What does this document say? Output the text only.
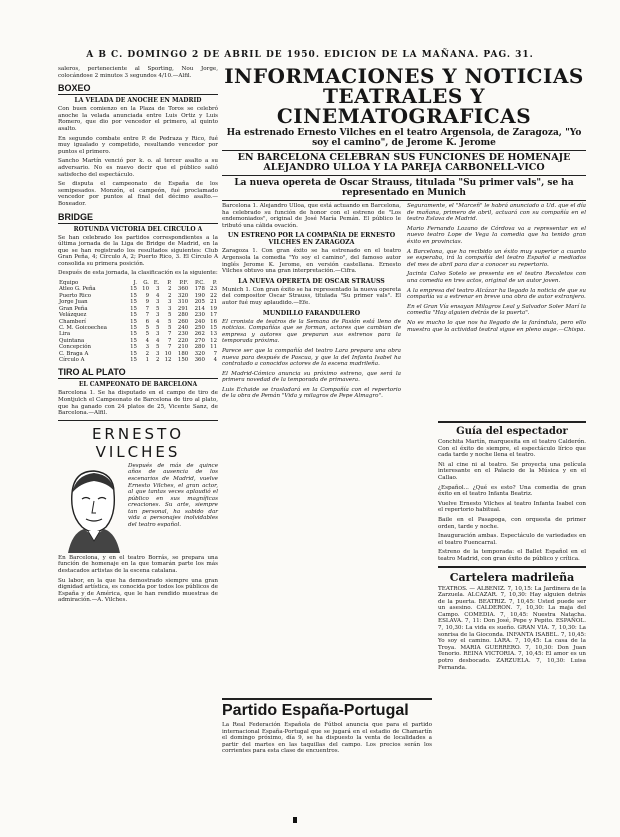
A B C. DOMINGO 2 DE ABRIL DE 1950. EDICION DE LA MAÑANA. PAG. 31.

saleros, perteneciente al Sporting, Nou Jorge, colocándose 2 minutos 3 segundos 4/10.—Alfil.

BOXEO
LA VELADA DE ANOCHE EN MADRID

Con buen comienzo en la Plaza de Toros se celebró anoche la velada anunciada entre Luis Ortiz y Luis Romero, que dio por vencedor el primero, al quinto asalto.

En segundo combate entre P. de Pedraza y Rico, fué muy igualado y competido, resultando vencedor por puntos el primero.

Sancho Martín venció por k. o. al tercer asalto a su adversario. No es nuevo decir que el público salió satisfecho del espectáculo.

Se disputa el campeonato de España de los semipesados. Monzón, el campeón, fué proclamado vencedor por puntos al final del décimo asalto.—Boxeador.

BRIDGE
ROTUNDA VICTORIA DEL CIRCULO A

Se han celebrado los partidos correspondientes a la última jornada de la Liga de Bridge de Madrid, en la que se han registrado los resultados siguientes: Club Gran Peña, 4; Círculo A, 2; Puerto Rico, 3. El Círculo A consolida su primera posición.

Después de esta jornada, la clasificación es la siguiente:

Equipo	J.	G.	E.	P.	P.F.	P.C.	P.
Atleo G. Peña	15	10	3	2	360	178	23
Puerto Rico	15	9	4	2	320	190	22
Jorge Juan	15	9	3	3	310	205	21
Gran Peña	15	7	5	3	291	214	19
Velázquez	15	7	3	5	280	230	17
Chamberí	15	6	4	5	260	240	16
C. M. Goicoechea	15	5	5	5	240	250	15
Lira	15	5	3	7	230	262	13
Quintana	15	4	4	7	220	270	12
Concepción	15	3	5	7	210	280	11
C. Braga A	15	2	3	10	180	320	7
Círculo A	15	1	2	12	150	360	4
TIRO AL PLATO
EL CAMPEONATO DE BARCELONA

Barcelona 1. Se ha disputado en el campo de tiro de Montjuïch el Campeonato de Barcelona de tiro al plato, que ha ganado con 24 platos de 25, Vicente Sanz, de Barcelona.—Alfil.

ERNESTO VILCHES

Después de más de quince años de ausencia de los escenarios de Madrid, vuelve Ernesto Vilches, el gran actor, al que tantas veces aplaudió el público en sus magníficas creaciones. Su arte, siempre tan personal, ha sabido dar vida a personajes inolvidables del teatro español.

En Barcelona, y en el teatro Borrás, se prepara una función de homenaje en la que tomarán parte los más destacados artistas de la escena catalana.

Su labor, en la que ha demostrado siempre una gran dignidad artística, es conocida por todos los públicos de España y de América, que le han rendido muestras de admiración.—A. Vilches.

INFORMACIONES Y NOTICIAS
TEATRALES Y CINEMATOGRAFICAS
Ha estrenado Ernesto Vilches en el teatro Argensola, de Zaragoza, "Yo soy el camino", de Jerome K. Jerome
EN BARCELONA CELEBRAN SUS FUNCIONES DE HOMENAJE ALEJANDRO ULLOA Y LA PAREJA CARBONELL-VICO
La nueva opereta de Oscar Strauss, titulada "Su primer vals", se ha representado en Munich

Barcelona 1. Alejandro Ulloa, que está actuando en Barcelona, ha celebrado su función de honor con el estreno de "Los endemoniados", original de José María Pemán. El público le tributó una cálida ovación.

UN ESTRENO POR LA COMPAÑIA DE ERNESTO VILCHES EN ZARAGOZA

Zaragoza 1. Con gran éxito se ha estrenado en el teatro Argensola la comedia "Yo soy el camino", del famoso autor inglés Jerome K. Jerome, en versión castellana. Ernesto Vilches obtuvo una gran interpretación.—Cifra.

LA NUEVA OPERETA DE OSCAR STRAUSS

Munich 1. Con gran éxito se ha representado la nueva opereta del compositor Oscar Strauss, titulada "Su primer vals". El autor fué muy aplaudido.—Efe.

MUNDILLO FARANDULERO

El cronista de teatros de la Semana de Pasión está lleno de noticias. Compañías que se forman, actores que cambian de empresa y autores que preparan sus estrenos para la temporada próxima.

Parece ser que la compañía del teatro Lara prepara una obra nueva para después de Pascua, y que la del Infanta Isabel ha contratado a conocidos actores de la escena madrileña.

El Madrid-Cómico anuncia su próximo estreno, que será la primera novedad de la temporada de primavera.

Luis Echaide se trasladará en la Compañía con el repertorio de la obra de Pemán "Vida y milagros de Pepe Almagro".

Seguramente, el "Marceñ" le habrá anunciado a Ud. que el día de mañana, primero de abril, actuará con su compañía en el teatro Eslava de Madrid.

Mario Fernando Lozano de Córdova va a representar en el nuevo teatro Lope de Vega la comedia que ha tenido gran éxito en provincias.

A Barcelona, que ha recibido un éxito muy superior a cuanto se esperaba, irá la compañía del teatro Español a mediados del mes de abril para dar a conocer su repertorio.

Jacinta Calvo Sotelo se presenta en el teatro Recoletos con una comedia en tres actos, original de un autor joven.

A la empresa del teatro Alcázar ha llegado la noticia de que su compañía va a estrenar en breve una obra de autor extranjero.

En el Gran Vía ensayan Milagros Leal y Salvador Soler Marí la comedia "Hay alguien detrás de la puerta".

No es mucho lo que nos ha llegado de la farándula, pero ello muestra que la actividad teatral sigue en pleno auge.—Chispa.

Partido España-Portugal

La Real Federación Española de Fútbol anuncia que para el partido internacional España-Portugal que se jugará en el estadio de Chamartín el domingo próximo, día 9, se ha dispuesto la venta de localidades a partir del martes en las taquillas del campo. Los precios serán los corrientes para esta clase de encuentros.

Guía del espectador

Conchita Martín, marquesita en el teatro Calderón. Con el éxito de siempre, el espectáculo lírico que cada tarde y noche llena el teatro.

Ni al cine ni al teatro. Se proyecta una película interesante en el Palacio de la Música y en el Callao.

¿Español... ¿Qué es esto? Una comedia de gran éxito en el teatro Infanta Beatriz.

Vuelve Ernesto Vilches al teatro Infanta Isabel con el repertorio habitual.

Baile en el Pasapoga, con orquesta de primer orden, tarde y noche.

Inauguración ambas. Espectáculo de variedades en el teatro Fuencarral.

Estreno de la temporada: el Ballet Español en el teatro Madrid, con gran éxito de público y crítica.

Cartelera madrileña

TEATROS. — ALBENIZ. 7, 10,15: La Jardinera de la Zarzuela. ALCAZAR. 7, 10,30: Hay alguien detrás de la puerta. BEATRIZ. 7, 10,45: Usted puede ser un asesino. CALDERON. 7, 10,30: La maja del Campo. COMEDIA. 7, 10,45: Nuestra Natacha. ESLAVA. 7, 11: Don José, Pepe y Pepito. ESPAÑOL. 7, 10,30: La vida es sueño. GRAN VIA. 7, 10,30: La sonrisa de la Gioconda. INFANTA ISABEL. 7, 10,45: Yo soy el camino. LARA. 7, 10,45: La casa de la Troya. MARIA GUERRERO. 7, 10,30: Don Juan Tenorio. REINA VICTORIA. 7, 10,45: El amor es un potro desbocado. ZARZUELA. 7, 10,30: Luisa Fernanda.
